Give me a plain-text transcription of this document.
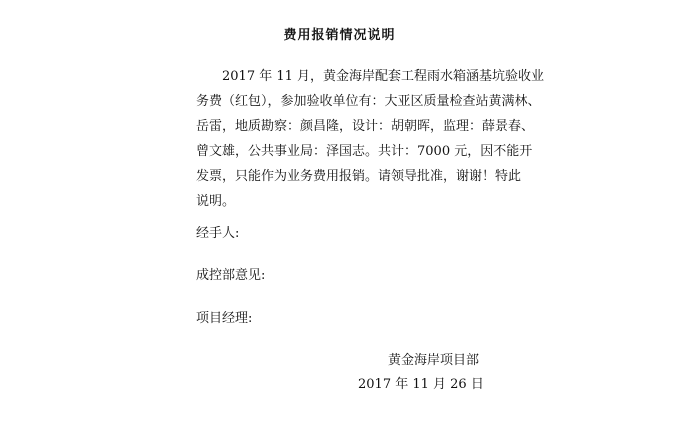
费用报销情况说明
2017 年 11 月，黄金海岸配套工程雨水箱涵基坑验收业
务费（红包），参加验收单位有：大亚区质量检查站黄满林、
岳雷，地质勘察：颜昌隆，设计：胡朝晖，监理：薛景春、
曾文雄，公共事业局：泽国志。共计：7000 元，因不能开
发票，只能作为业务费用报销。请领导批准，谢谢！特此
说明。

经手人:

成控部意见:

项目经理:

黄金海岸项目部

2017 年 11 月 26 日
